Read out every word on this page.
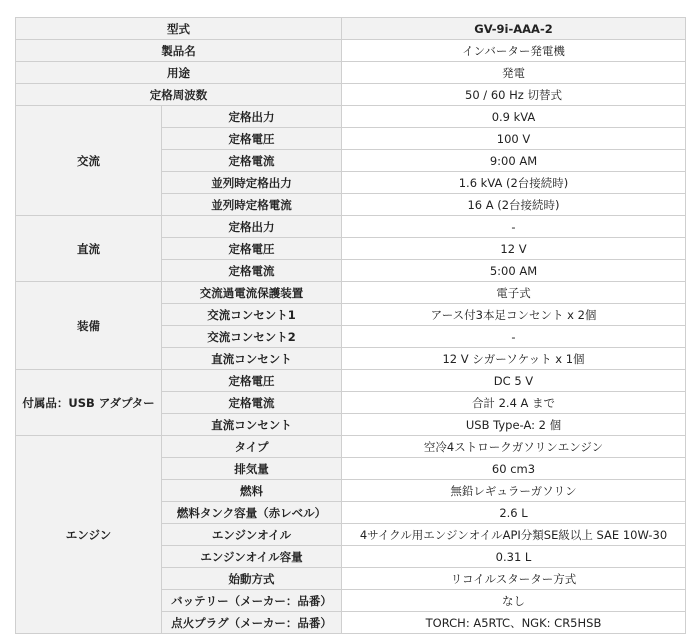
型式		GV-9i-AAA-2
製品名		インバーター発電機
用途		発電
定格周波数		50 / 60 Hz 切替式
交流	定格出力	0.9 kVA
	定格電圧	100 V
	定格電流	9:00 AM
	並列時定格出力	1.6 kVA (2台接続時)
	並列時定格電流	16 A (2台接続時)
直流	定格出力	-
	定格電圧	12 V
	定格電流	5:00 AM
装備	交流過電流保護装置	電子式
	交流コンセント1	アース付3本足コンセント x 2個
	交流コンセント2	-
	直流コンセント	12 V シガーソケット x 1個
付属品：USB アダプター	定格電圧	DC 5 V
	定格電流	合計 2.4 A まで
	直流コンセント	USB Type-A: 2 個
エンジン	タイプ	空冷4ストロークガソリンエンジン
	排気量	60 cm3
	燃料	無鉛レギュラーガソリン
	燃料タンク容量（赤レベル）	2.6 L
	エンジンオイル	4サイクル用エンジンオイルAPI分類SE級以上 SAE 10W-30
	エンジンオイル容量	0.31 L
	始動方式	リコイルスターター方式
	バッテリー（メーカー：品番）	なし
	点火プラグ（メーカー：品番）	TORCH: A5RTC、NGK: CR5HSB
